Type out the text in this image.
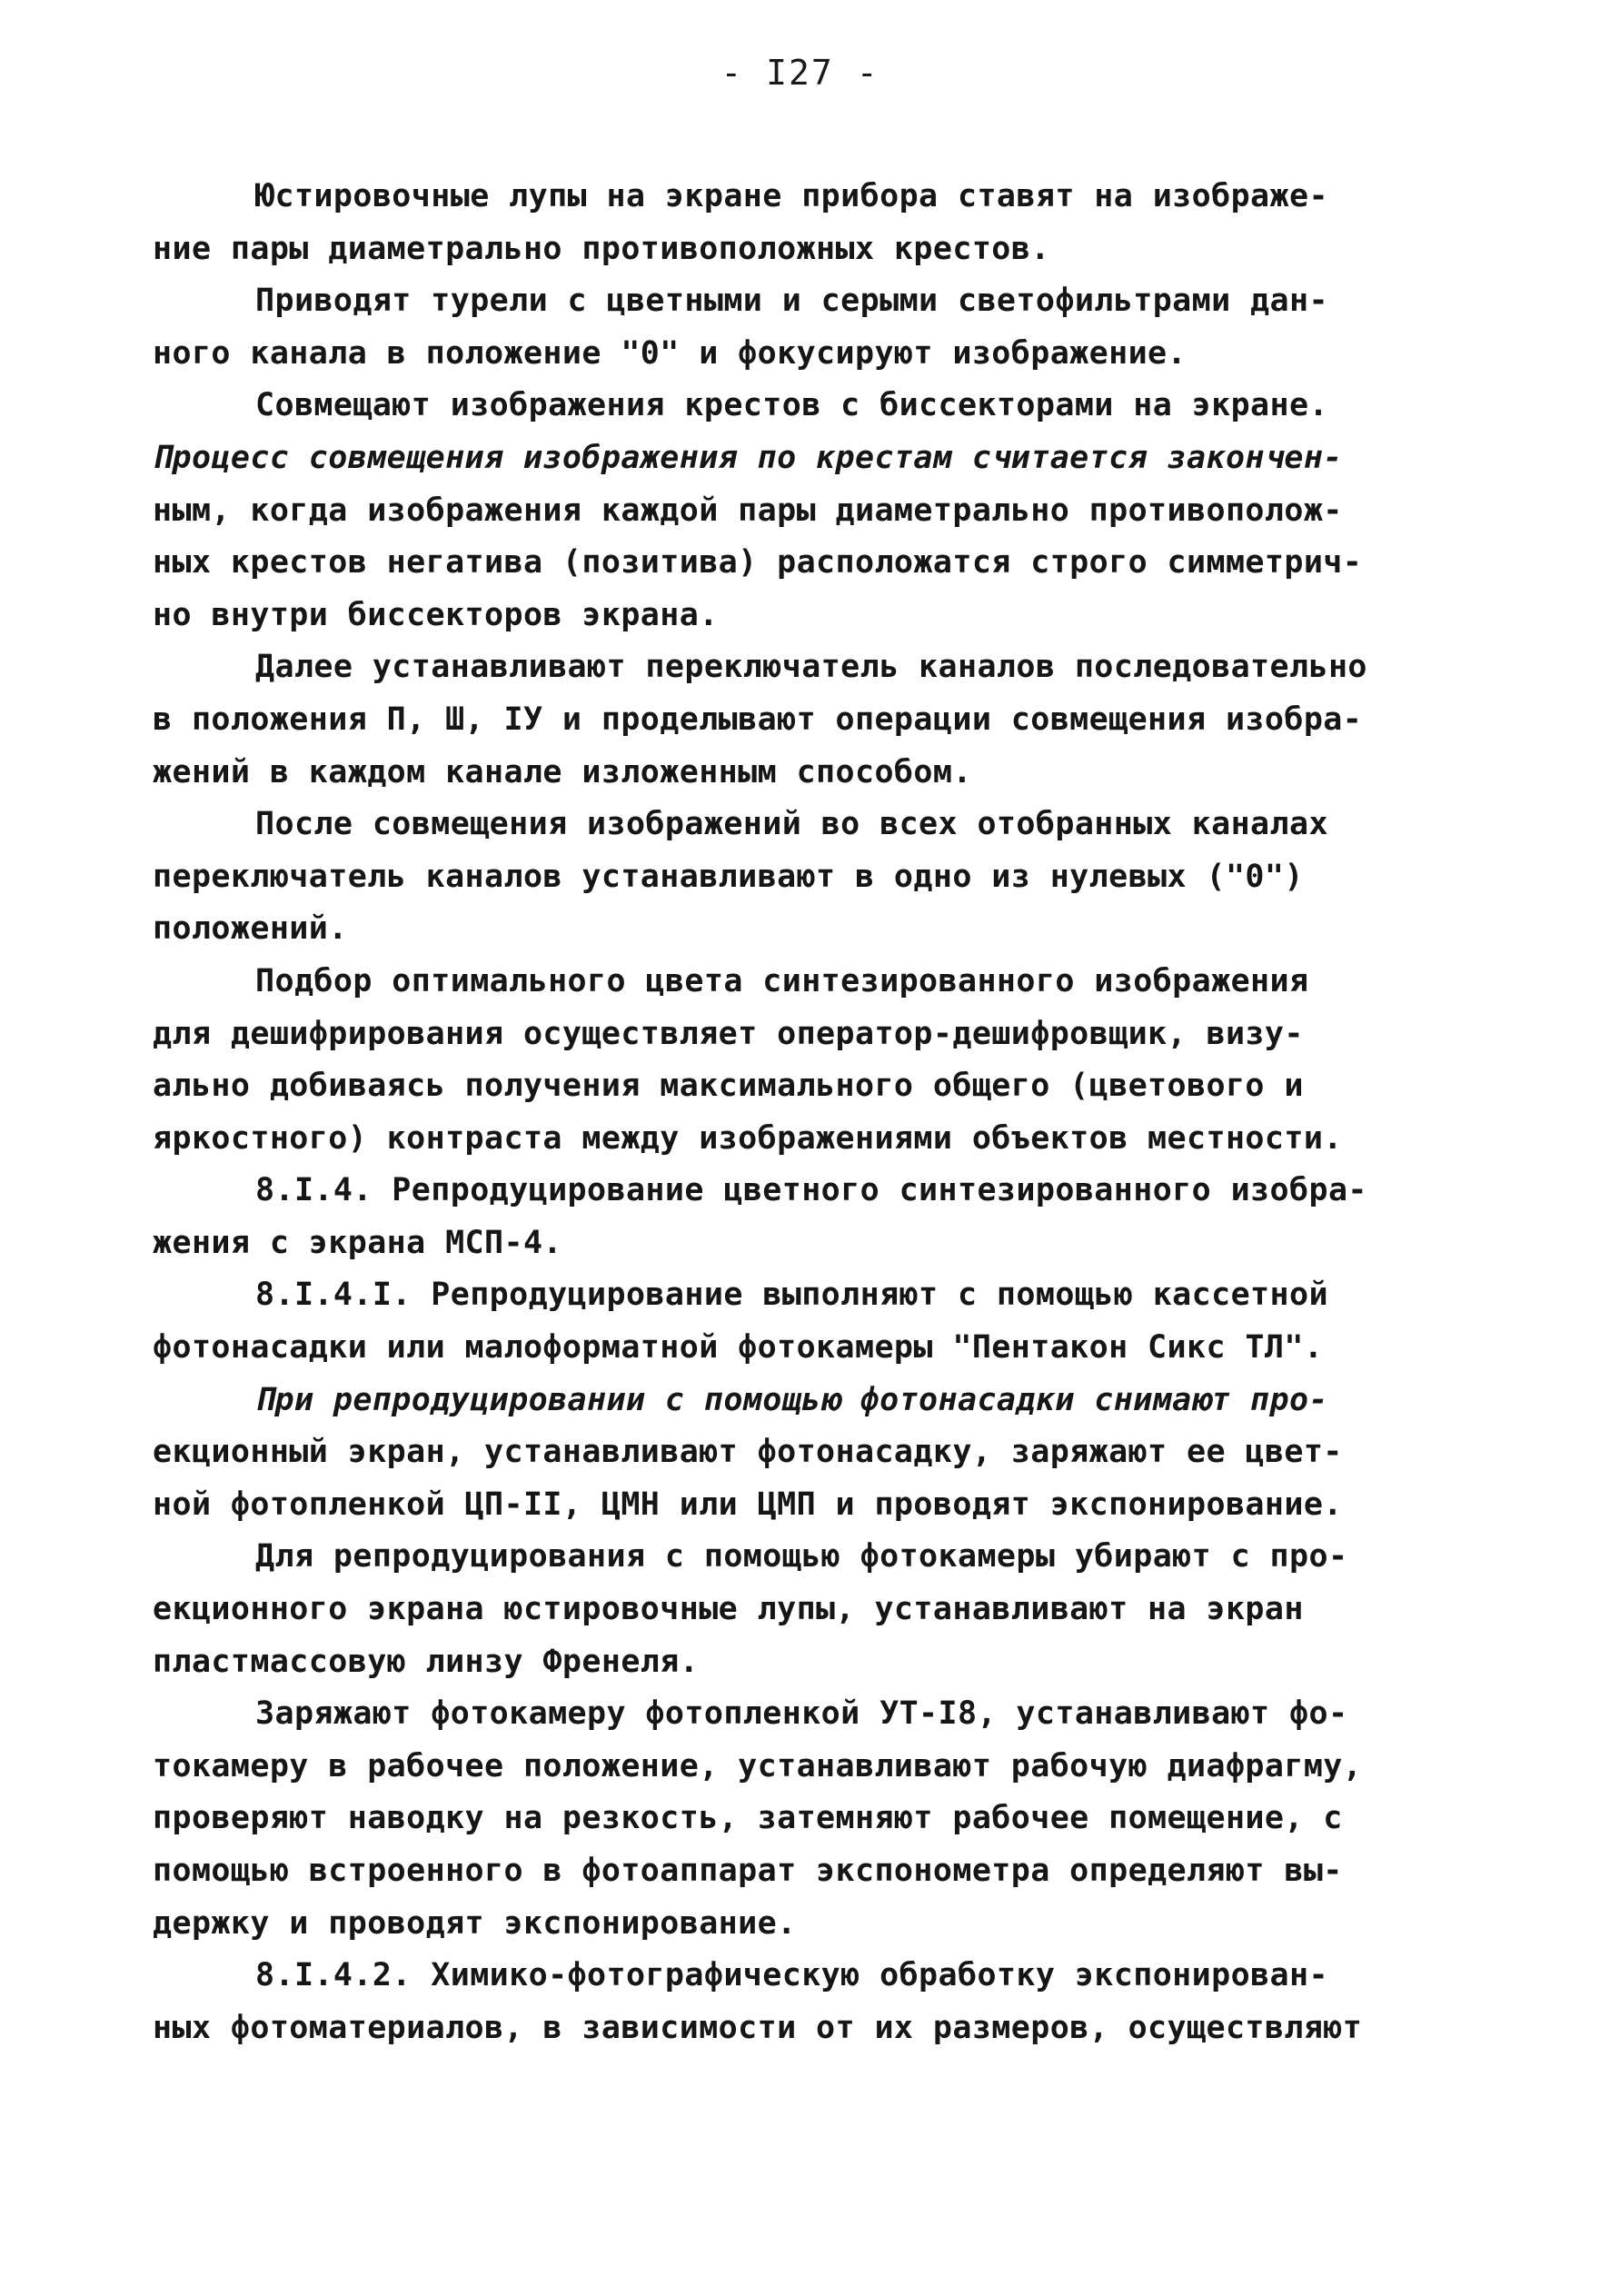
- I27 -
Юстировочные лупы на экране прибора ставят на изображе-
ние пары диаметрально противоположных крестов.
Приводят турели с цветными и серыми светофильтрами дан-
ного канала в положение "0" и фокусируют изображение.
Совмещают изображения крестов с биссекторами на экране.
Процесс совмещения изображения по крестам считается закончен-
ным, когда изображения каждой пары диаметрально противополож-
ных крестов негатива (позитива) расположатся строго симметрич-
но внутри биссекторов экрана.
Далее устанавливают переключатель каналов последовательно
в положения П, Ш, IУ и проделывают операции совмещения изобра-
жений в каждом канале изложенным способом.
После совмещения изображений во всех отобранных каналах
переключатель каналов устанавливают в одно из нулевых ("0")
положений.
Подбор оптимального цвета синтезированного изображения
для дешифрирования осуществляет оператор-дешифровщик, визу-
ально добиваясь получения максимального общего (цветового и
яркостного) контраста между изображениями объектов местности.
8.I.4. Репродуцирование цветного синтезированного изобра-
жения с экрана МСП-4.
8.I.4.I. Репродуцирование выполняют с помощью кассетной
фотонасадки или малоформатной фотокамеры "Пентакон Сикс ТЛ".
При репродуцировании с помощью фотонасадки снимают про-
екционный экран, устанавливают фотонасадку, заряжают ее цвет-
ной фотопленкой ЦП-II, ЦМН или ЦМП и проводят экспонирование.
Для репродуцирования с помощью фотокамеры убирают с про-
екционного экрана юстировочные лупы, устанавливают на экран
пластмассовую линзу Френеля.
Заряжают фотокамеру фотопленкой УТ-I8, устанавливают фо-
токамеру в рабочее положение, устанавливают рабочую диафрагму,
проверяют наводку на резкость, затемняют рабочее помещение, с
помощью встроенного в фотоаппарат экспонометра определяют вы-
держку и проводят экспонирование.
8.I.4.2. Химико-фотографическую обработку экспонирован-
ных фотоматериалов, в зависимости от их размеров, осуществляют
